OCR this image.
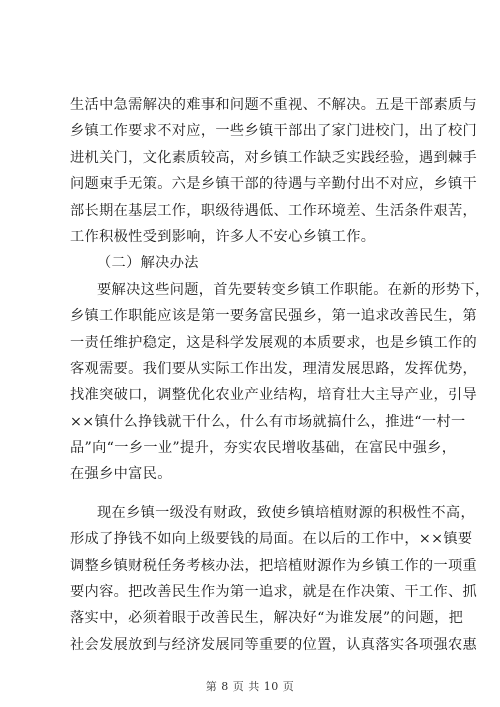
生活中急需解决的难事和问题不重视、不解决。五是干部素质与
乡镇工作要求不对应，一些乡镇干部出了家门进校门，出了校门
进机关门，文化素质较高，对乡镇工作缺乏实践经验，遇到棘手
问题束手无策。六是乡镇干部的待遇与辛勤付出不对应，乡镇干
部长期在基层工作，职级待遇低、工作环境差、生活条件艰苦，
工作积极性受到影响，许多人不安心乡镇工作。
（二）解决办法
要解决这些问题，首先要转变乡镇工作职能。在新的形势下，
乡镇工作职能应该是第一要务富民强乡，第一追求改善民生，第
一责任维护稳定，这是科学发展观的本质要求，也是乡镇工作的
客观需要。我们要从实际工作出发，理清发展思路，发挥优势，
找准突破口，调整优化农业产业结构，培育壮大主导产业，引导
××镇什么挣钱就干什么，什么有市场就搞什么，推进“一村一
品”向“一乡一业”提升，夯实农民增收基础，在富民中强乡，
在强乡中富民。
现在乡镇一级没有财政，致使乡镇培植财源的积极性不高，
形成了挣钱不如向上级要钱的局面。在以后的工作中，××镇要
调整乡镇财税任务考核办法，把培植财源作为乡镇工作的一项重
要内容。把改善民生作为第一追求，就是在作决策、干工作、抓
落实中，必须着眼于改善民生，解决好“为谁发展”的问题，把
社会发展放到与经济发展同等重要的位置，认真落实各项强农惠
第 8 页 共 10 页
